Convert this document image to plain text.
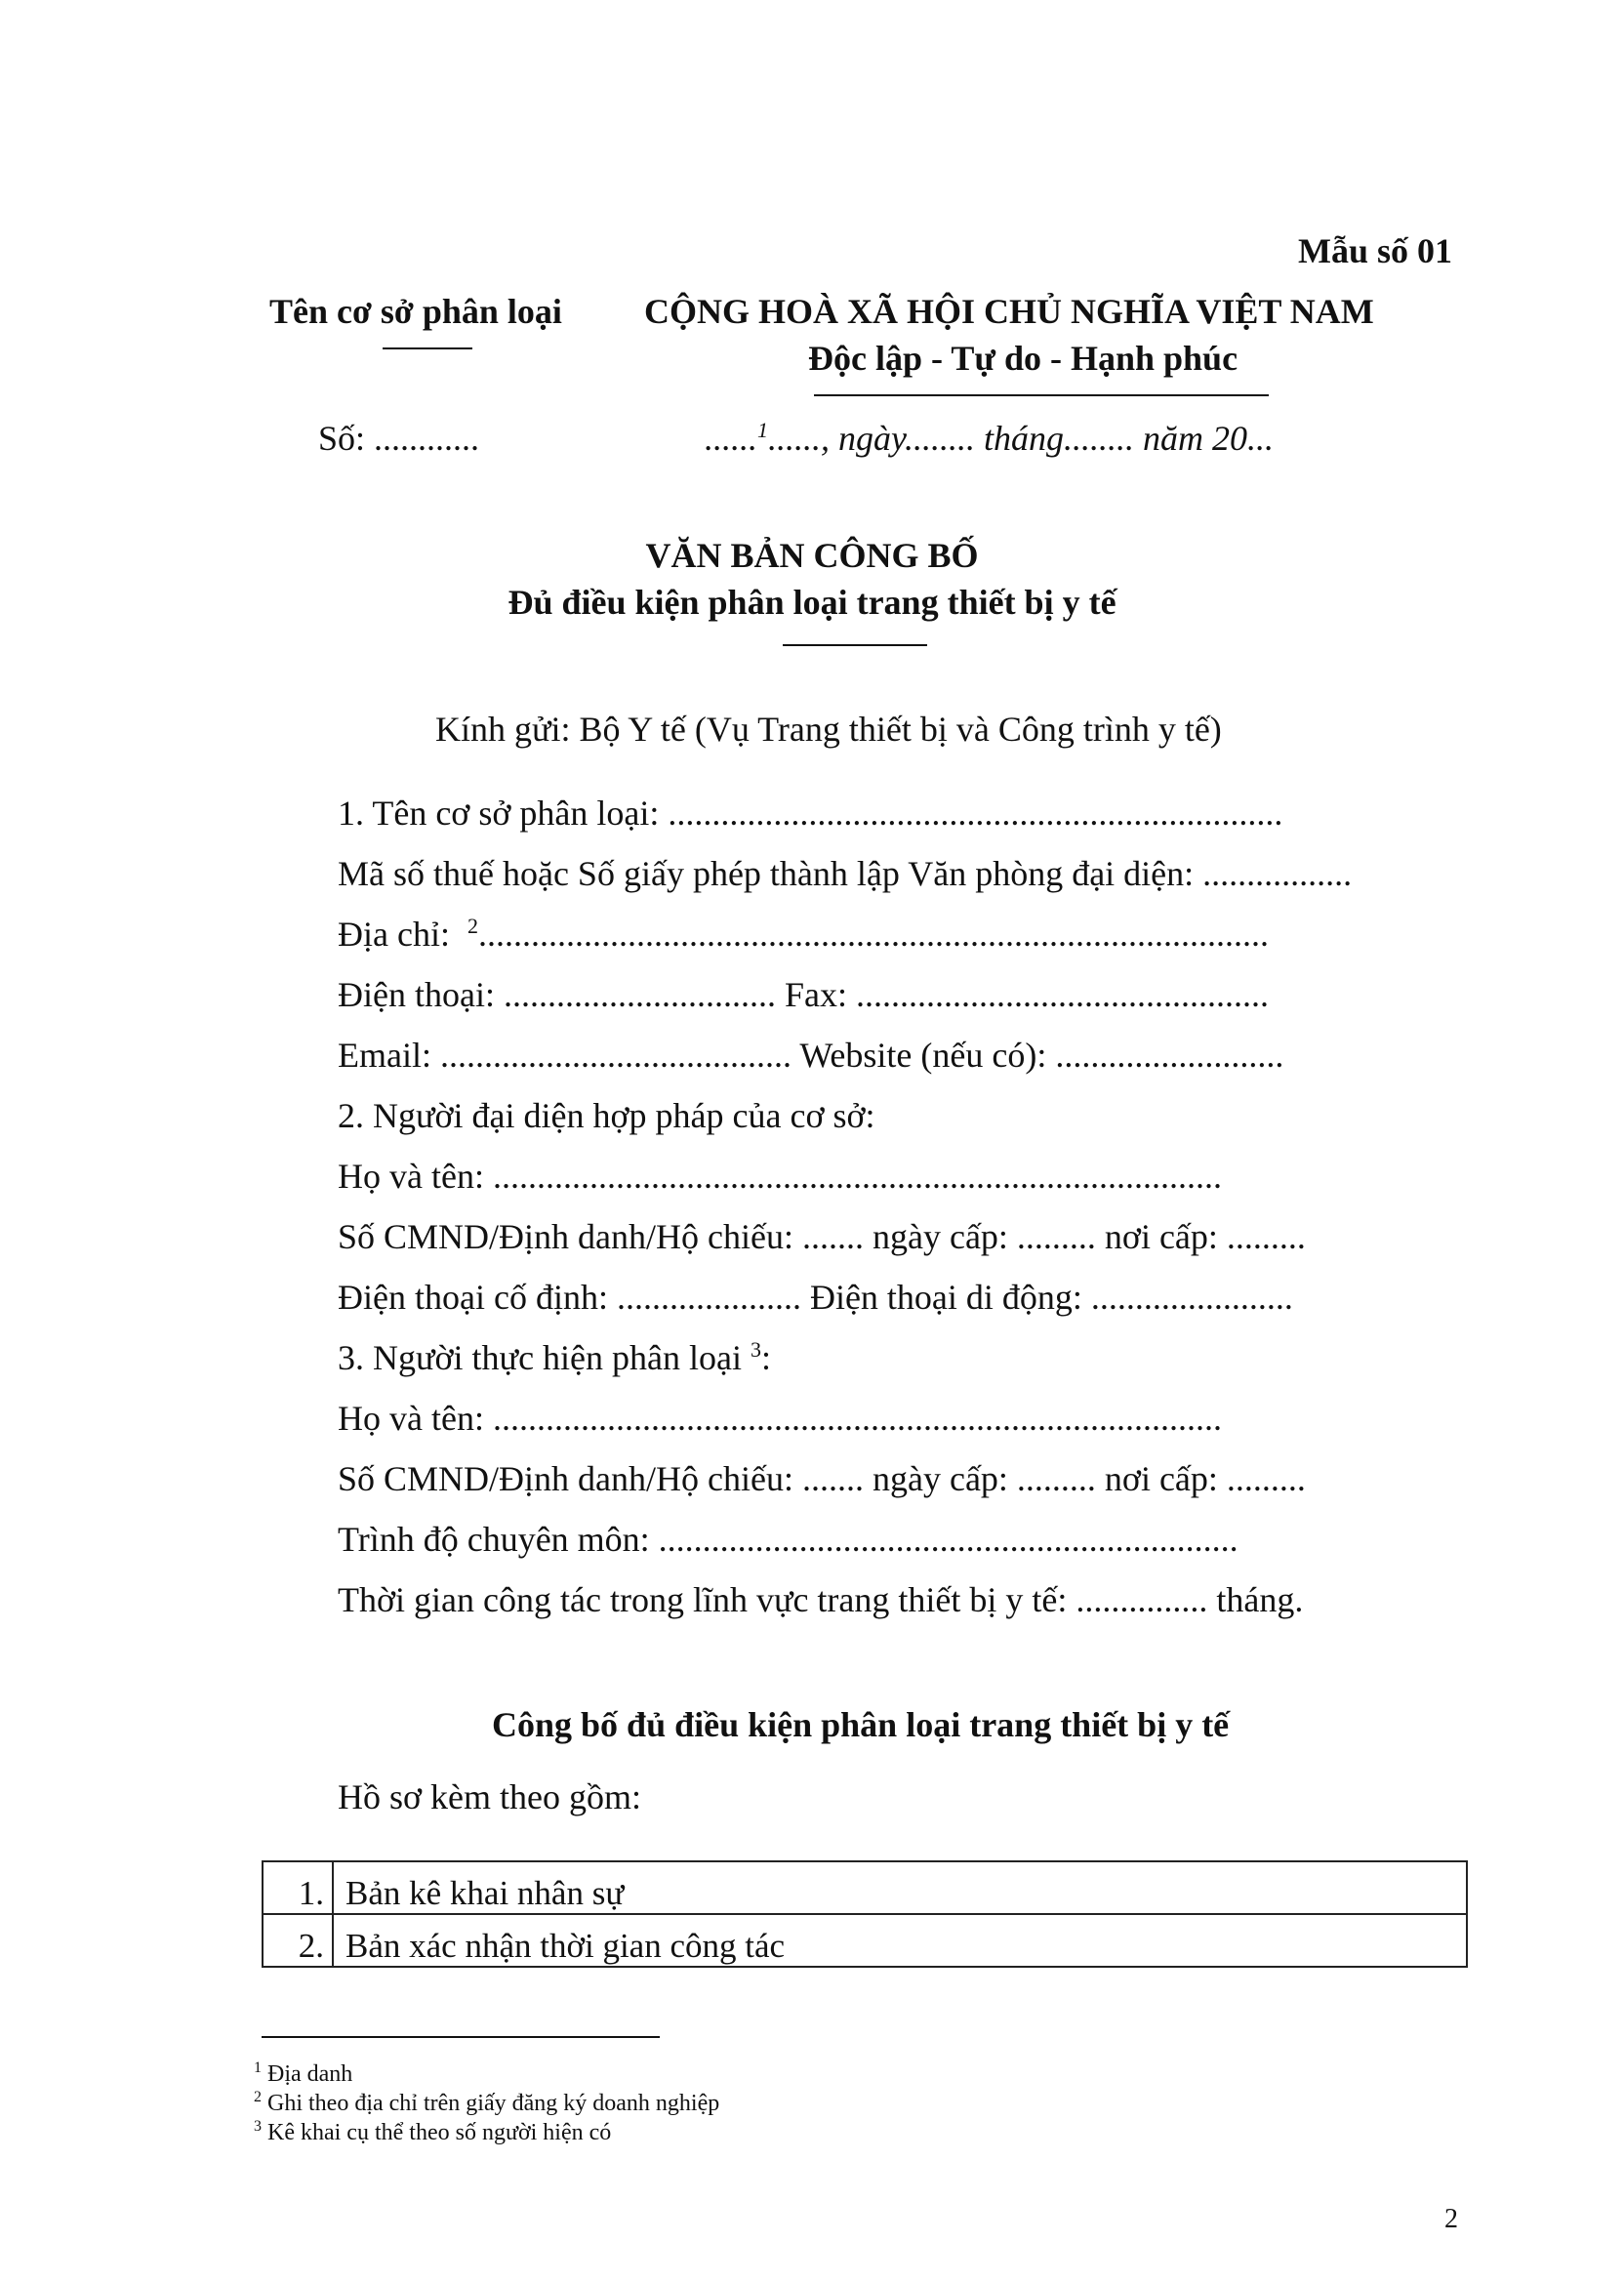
Mẫu số 01
Tên cơ sở phân loại CỘNG HOÀ XÃ HỘI CHỦ NGHĨA VIỆT NAM
Độc lập - Tự do - Hạnh phúc
Số: ............	......$^1$......, ngày........ tháng........ năm 20...
VĂN BẢN CÔNG BỐ
Đủ điều kiện phân loại trang thiết bị y tế
Kính gửi: Bộ Y tế (Vụ Trang thiết bị và Công trình y tế)
1. Tên cơ sở phân loại: ......................................................................
Mã số thuế hoặc Số giấy phép thành lập Văn phòng đại diện: .................
Địa chỉ: $^2$..........................................................................................
Điện thoại: ............................... Fax: ...............................................
Email: ........................................ Website (nếu có): ..........................
2. Người đại diện hợp pháp của cơ sở:
Họ và tên: ...................................................................................
Số CMND/Định danh/Hộ chiếu: ....... ngày cấp: ......... nơi cấp: .........
Điện thoại cố định: ..................... Điện thoại di động: .......................
3. Người thực hiện phân loại $^3$:
Họ và tên: ...................................................................................
Số CMND/Định danh/Hộ chiếu: ....... ngày cấp: ......... nơi cấp: .........
Trình độ chuyên môn: ..................................................................
Thời gian công tác trong lĩnh vực trang thiết bị y tế: ............... tháng.
Công bố đủ điều kiện phân loại trang thiết bị y tế
Hồ sơ kèm theo gồm:
1.	Bản kê khai nhân sự
2.	Bản xác nhận thời gian công tác
$^1$ Địa danh
$^2$ Ghi theo địa chỉ trên giấy đăng ký doanh nghiệp
$^3$ Kê khai cụ thể theo số người hiện có
2
